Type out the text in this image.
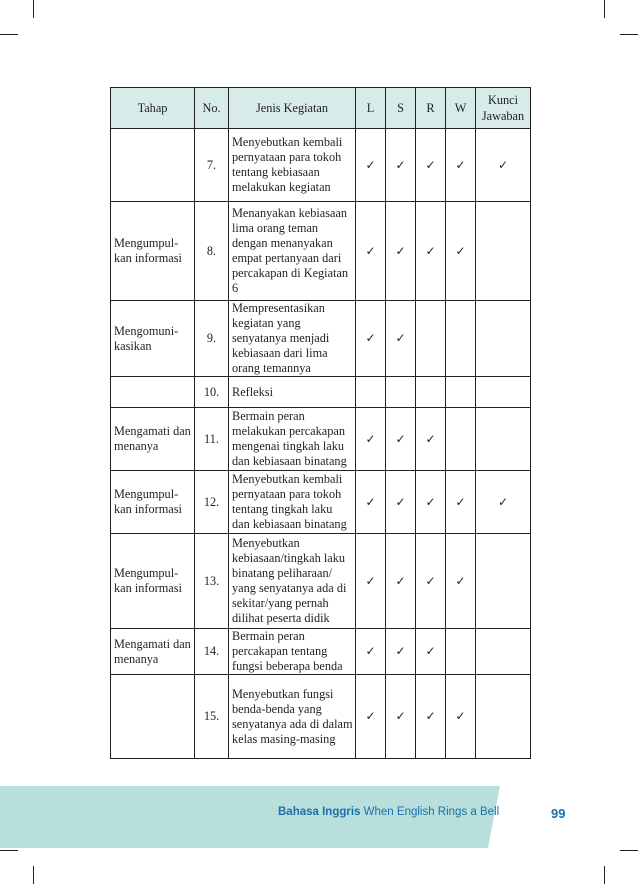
Tahap	No.	Jenis Kegiatan	L	S	R	W	Kunci Jawaban
	7.	Menyebutkan kembali pernyataan para tokoh tentang kebiasaan melakukan kegiatan	✓	✓	✓	✓	✓
Mengumpul-kan informasi	8.	Menanyakan kebiasaan lima orang teman dengan menanyakan empat pertanyaan dari percakapan di Kegiatan 6	✓	✓	✓	✓	
Mengomuni-kasikan	9.	Mempresentasikan kegiatan yang senyatanya menjadi kebiasaan dari lima orang temannya	✓	✓			
	10.	Refleksi					
Mengamati dan menanya	11.	Bermain peran melakukan percakapan mengenai tingkah laku dan kebiasaan binatang	✓	✓	✓		
Mengumpul-kan informasi	12.	Menyebutkan kembali pernyataan para tokoh tentang tingkah laku dan kebiasaan binatang	✓	✓	✓	✓	✓
Mengumpul-kan informasi	13.	Menyebutkan kebiasaan/tingkah laku binatang peliharaan/ yang senyatanya ada di sekitar/yang pernah dilihat peserta didik	✓	✓	✓	✓	
Mengamati dan menanya	14.	Bermain peran percakapan tentang fungsi beberapa benda	✓	✓	✓		
	15.	Menyebutkan fungsi benda-benda yang senyatanya ada di dalam kelas masing-masing	✓	✓	✓	✓	
Bahasa Inggris When English Rings a Bell	99
